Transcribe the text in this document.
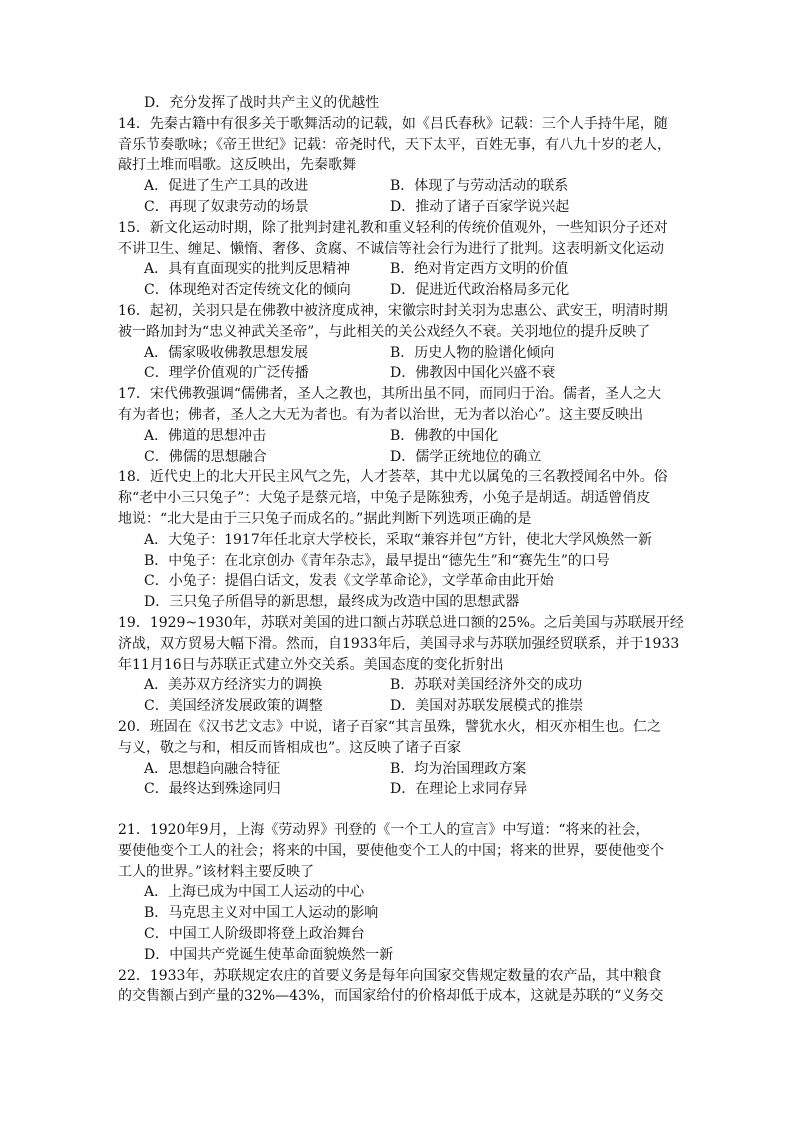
D．充分发挥了战时共产主义的优越性
14．先秦古籍中有很多关于歌舞活动的记载，如《吕氏春秋》记载：三个人手持牛尾，随
音乐节奏歌咏；《帝王世纪》记载：帝尧时代，天下太平，百姓无事，有八九十岁的老人，
敲打土堆而唱歌。这反映出，先秦歌舞
A．促进了生产工具的改进	B．体现了与劳动活动的联系
C．再现了奴隶劳动的场景	D．推动了诸子百家学说兴起
15．新文化运动时期，除了批判封建礼教和重义轻利的传统价值观外，一些知识分子还对
不讲卫生、缠足、懒惰、奢侈、贪腐、不诚信等社会行为进行了批判。这表明新文化运动
A．具有直面现实的批判反思精神	B．绝对肯定西方文明的价值
C．体现绝对否定传统文化的倾向	D．促进近代政治格局多元化
16．起初，关羽只是在佛教中被济度成神，宋徽宗时封关羽为忠惠公、武安王，明清时期
被一路加封为“忠义神武关圣帝”，与此相关的关公戏经久不衰。关羽地位的提升反映了
A．儒家吸收佛教思想发展	B．历史人物的脸谱化倾向
C．理学价值观的广泛传播	D．佛教因中国化兴盛不衰
17．宋代佛教强调“儒佛者，圣人之教也，其所出虽不同，而同归于治。儒者，圣人之大
有为者也；佛者，圣人之大无为者也。有为者以治世，无为者以治心”。这主要反映出
A．佛道的思想冲击	B．佛教的中国化
C．佛儒的思想融合	D．儒学正统地位的确立
18．近代史上的北大开民主风气之先，人才荟萃，其中尤以属兔的三名教授闻名中外。俗
称“老中小三只兔子”：大兔子是蔡元培，中兔子是陈独秀，小兔子是胡适。胡适曾俏皮
地说：“北大是由于三只兔子而成名的。”据此判断下列选项正确的是
A．大兔子：1917年任北京大学校长，采取“兼容并包”方针，使北大学风焕然一新
B．中兔子：在北京创办《青年杂志》，最早提出“德先生”和“赛先生”的口号
C．小兔子：提倡白话文，发表《文学革命论》，文学革命由此开始
D．三只兔子所倡导的新思想，最终成为改造中国的思想武器
19．1929~1930年，苏联对美国的进口额占苏联总进口额的25%。之后美国与苏联展开经
济战，双方贸易大幅下滑。然而，自1933年后，美国寻求与苏联加强经贸联系，并于1933
年11月16日与苏联正式建立外交关系。美国态度的变化折射出
A．美苏双方经济实力的调换	B．苏联对美国经济外交的成功
C．美国经济发展政策的调整	D．美国对苏联发展模式的推崇
20．班固在《汉书艺文志》中说，诸子百家“其言虽殊，譬犹水火，相灭亦相生也。仁之
与义，敬之与和，相反而皆相成也”。这反映了诸子百家
A．思想趋向融合特征	B．均为治国理政方案
C．最终达到殊途同归	D．在理论上求同存异
21．1920年9月，上海《劳动界》刊登的《一个工人的宣言》中写道：“将来的社会，
要使他变个工人的社会；将来的中国，要使他变个工人的中国；将来的世界，要使他变个
工人的世界。”该材料主要反映了
A．上海已成为中国工人运动的中心
B．马克思主义对中国工人运动的影响
C．中国工人阶级即将登上政治舞台
D．中国共产党诞生使革命面貌焕然一新
22．1933年，苏联规定农庄的首要义务是每年向国家交售规定数量的农产品，其中粮食
的交售额占到产量的32%—43%，而国家给付的价格却低于成本，这就是苏联的“义务交
